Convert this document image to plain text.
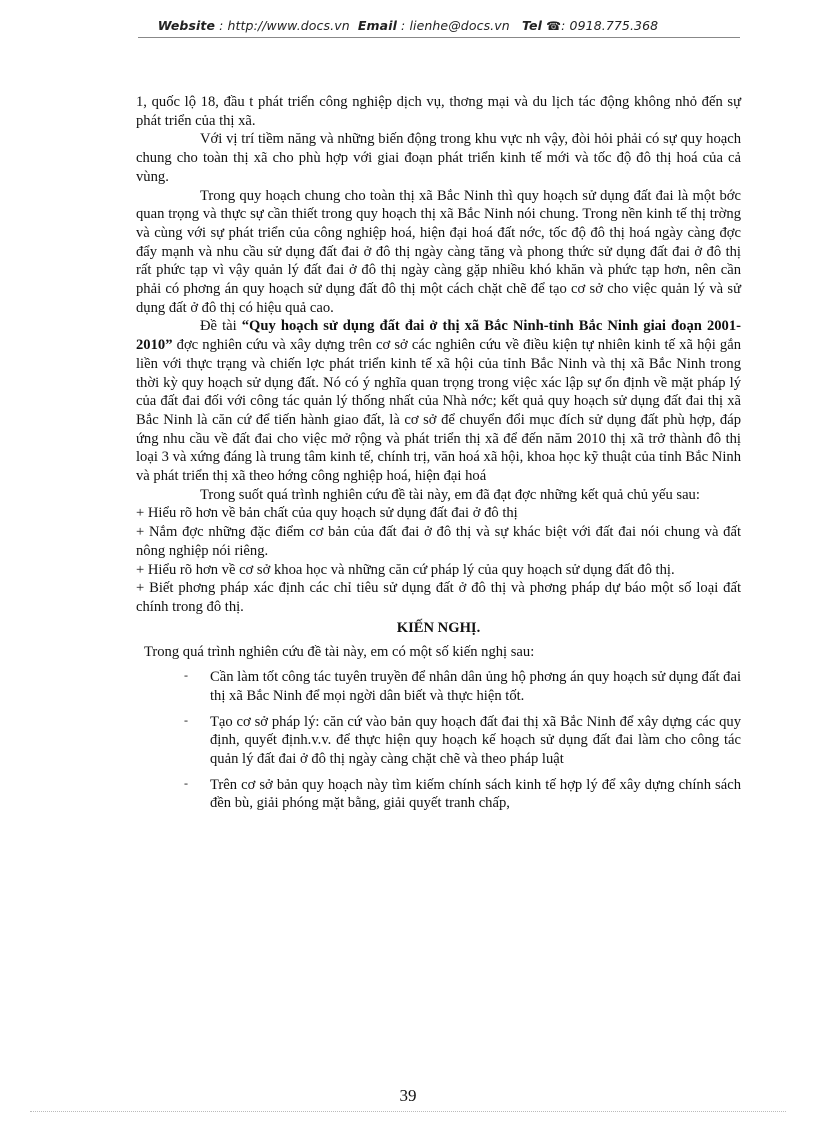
Website : http://www.docs.vn Email : lienhe@docs.vn Tel ☎: 0918.775.368

1, quốc lộ 18, đầu t phát triển công nghiệp dịch vụ, thơng mại và du lịch tác động không nhỏ đến sự phát triển của thị xã.

Với vị trí tiềm năng và những biến động trong khu vực nh vậy, đòi hỏi phải có sự quy hoạch chung cho toàn thị xã cho phù hợp với giai đoạn phát triển kinh tế mới và tốc độ đô thị hoá của cả vùng.

Trong quy hoạch chung cho toàn thị xã Bắc Ninh thì quy hoạch sử dụng đất đai là một bớc quan trọng và thực sự cần thiết trong quy hoạch thị xã Bắc Ninh nói chung. Trong nền kinh tế thị trờng và cùng với sự phát triển của công nghiệp hoá, hiện đại hoá đất nớc, tốc độ đô thị hoá ngày càng đợc đẩy mạnh và nhu cầu sử dụng đất đai ở đô thị ngày càng tăng và phong thức sử dụng đất đai ở đô thị rất phức tạp vì vậy quản lý đất đai ở đô thị ngày càng gặp nhiều khó khăn và phức tạp hơn, nên cần phải có phơng án quy hoạch sử dụng đất đô thị một cách chặt chẽ để tạo cơ sở cho việc quản lý và sử dụng đất ở đô thị có hiệu quả cao.

Đề tài “Quy hoạch sử dụng đất đai ở thị xã Bắc Ninh-tỉnh Bắc Ninh giai đoạn 2001-2010” đợc nghiên cứu và xây dựng trên cơ sở các nghiên cứu về điều kiện tự nhiên kinh tế xã hội gắn liền với thực trạng và chiến lợc phát triển kinh tế xã hội của tỉnh Bắc Ninh và thị xã Bắc Ninh trong thời kỳ quy hoạch sử dụng đất. Nó có ý nghĩa quan trọng trong việc xác lập sự ổn định về mặt pháp lý của đất đai đối với công tác quản lý thống nhất của Nhà nớc; kết quả quy hoạch sử dụng đất đai thị xã Bắc Ninh là căn cứ để tiến hành giao đất, là cơ sở để chuyển đổi mục đích sử dụng đất phù hợp, đáp ứng nhu cầu về đất đai cho việc mở rộng và phát triển thị xã để đến năm 2010 thị xã trở thành đô thị loại 3 và xứng đáng là trung tâm kinh tế, chính trị, văn hoá xã hội, khoa học kỹ thuật của tỉnh Bắc Ninh và phát triển thị xã theo hớng công nghiệp hoá, hiện đại hoá

Trong suốt quá trình nghiên cứu đề tài này, em đã đạt đợc những kết quả chủ yếu sau:

+ Hiểu rõ hơn về bản chất của quy hoạch sử dụng đất đai ở đô thị

+ Nắm đợc những đặc điểm cơ bản của đất đai ở đô thị và sự khác biệt với đất đai nói chung và đất nông nghiệp nói riêng.

+ Hiểu rõ hơn về cơ sở khoa học và những căn cứ pháp lý của quy hoạch sử dụng đất đô thị.

+ Biết phơng pháp xác định các chỉ tiêu sử dụng đất ở đô thị và phơng pháp dự báo một số loại đất chính trong đô thị.

KIẾN NGHỊ.

Trong quá trình nghiên cứu đề tài này, em có một số kiến nghị sau:

- Cần làm tốt công tác tuyên truyền để nhân dân ủng hộ phơng án quy hoạch sử dụng đất đai thị xã Bắc Ninh để mọi ngời dân biết và thực hiện tốt.
- Tạo cơ sở pháp lý: căn cứ vào bản quy hoạch đất đai thị xã Bắc Ninh để xây dựng các quy định, quyết định.v.v. để thực hiện quy hoạch kế hoạch sử dụng đất đai làm cho công tác quản lý đất đai ở đô thị ngày càng chặt chẽ và theo pháp luật
- Trên cơ sở bản quy hoạch này tìm kiếm chính sách kinh tế hợp lý để xây dựng chính sách đền bù, giải phóng mặt bằng, giải quyết tranh chấp,
39
